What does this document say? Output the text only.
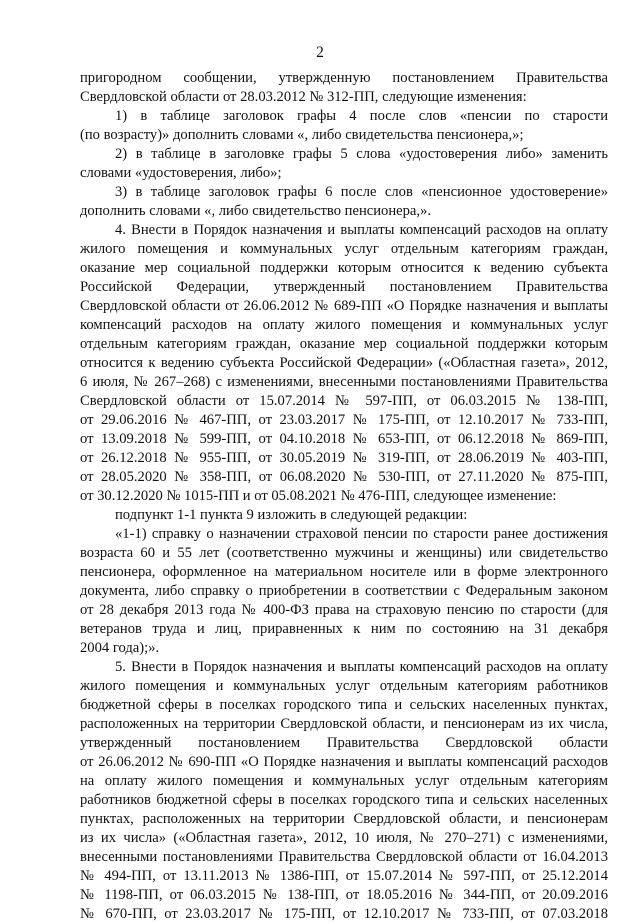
2
пригородном сообщении, утвержденную постановлением Правительства
Свердловской области от 28.03.2012 № 312-ПП, следующие изменения:
1) в таблице заголовок графы 4 после слов «пенсии по старости
(по возрасту)» дополнить словами «, либо свидетельства пенсионера,»;
2) в таблице в заголовке графы 5 слова «удостоверения либо» заменить
словами «удостоверения, либо»;
3) в таблице заголовок графы 6 после слов «пенсионное удостоверение»
дополнить словами «, либо свидетельство пенсионера,».
4. Внести в Порядок назначения и выплаты компенсаций расходов на оплату
жилого помещения и коммунальных услуг отдельным категориям граждан,
оказание мер социальной поддержки которым относится к ведению субъекта
Российской Федерации, утвержденный постановлением Правительства
Свердловской области от 26.06.2012 № 689-ПП «О Порядке назначения и выплаты
компенсаций расходов на оплату жилого помещения и коммунальных услуг
отдельным категориям граждан, оказание мер социальной поддержки которым
относится к ведению субъекта Российской Федерации» («Областная газета», 2012,
6 июля, № 267–268) с изменениями, внесенными постановлениями Правительства
Свердловской области от 15.07.2014 № 597-ПП, от 06.03.2015 № 138-ПП,
от 29.06.2016 № 467-ПП, от 23.03.2017 № 175-ПП, от 12.10.2017 № 733-ПП,
от 13.09.2018 № 599-ПП, от 04.10.2018 № 653-ПП, от 06.12.2018 № 869-ПП,
от 26.12.2018 № 955-ПП, от 30.05.2019 № 319-ПП, от 28.06.2019 № 403-ПП,
от 28.05.2020 № 358-ПП, от 06.08.2020 № 530-ПП, от 27.11.2020 № 875-ПП,
от 30.12.2020 № 1015-ПП и от 05.08.2021 № 476-ПП, следующее изменение:
подпункт 1-1 пункта 9 изложить в следующей редакции:
«1-1) справку о назначении страховой пенсии по старости ранее достижения
возраста 60 и 55 лет (соответственно мужчины и женщины) или свидетельство
пенсионера, оформленное на материальном носителе или в форме электронного
документа, либо справку о приобретении в соответствии с Федеральным законом
от 28 декабря 2013 года № 400-ФЗ права на страховую пенсию по старости (для
ветеранов труда и лиц, приравненных к ним по состоянию на 31 декабря
2004 года);».
5. Внести в Порядок назначения и выплаты компенсаций расходов на оплату
жилого помещения и коммунальных услуг отдельным категориям работников
бюджетной сферы в поселках городского типа и сельских населенных пунктах,
расположенных на территории Свердловской области, и пенсионерам из их числа,
утвержденный постановлением Правительства Свердловской области
от 26.06.2012 № 690-ПП «О Порядке назначения и выплаты компенсаций расходов
на оплату жилого помещения и коммунальных услуг отдельным категориям
работников бюджетной сферы в поселках городского типа и сельских населенных
пунктах, расположенных на территории Свердловской области, и пенсионерам
из их числа» («Областная газета», 2012, 10 июля, № 270–271) с изменениями,
внесенными постановлениями Правительства Свердловской области от 16.04.2013
№ 494-ПП, от 13.11.2013 № 1386-ПП, от 15.07.2014 № 597-ПП, от 25.12.2014
№ 1198-ПП, от 06.03.2015 № 138-ПП, от 18.05.2016 № 344-ПП, от 20.09.2016
№ 670-ПП, от 23.03.2017 № 175-ПП, от 12.10.2017 № 733-ПП, от 07.03.2018
